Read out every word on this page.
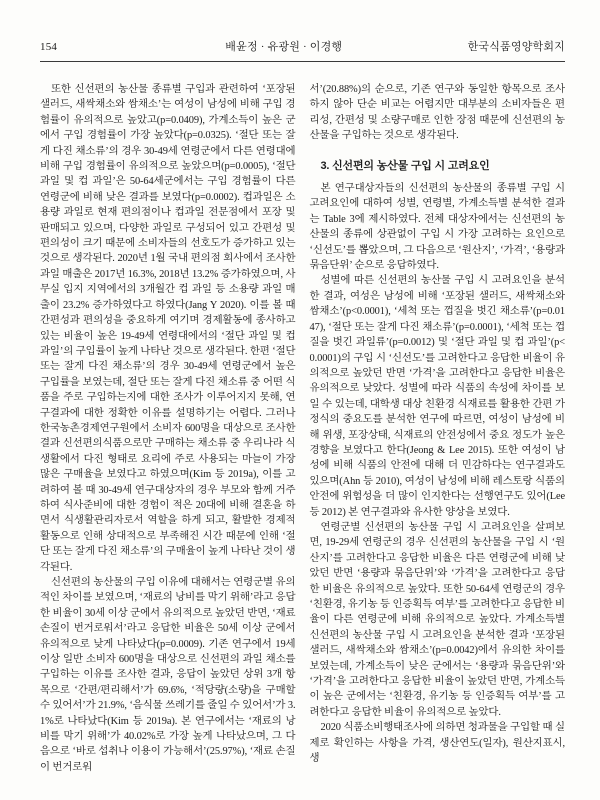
154	배윤정 · 유광원 · 이경행	한국식품영양학회지

또한 신선편의 농산물 종류별 구입과 관련하여 ‘포장된 샐러드, 새싹채소와 쌈채소’는 여성이 남성에 비해 구입 경험률이 유의적으로 높았고(p=0.0409), 가계소득이 높은 군에서 구입 경험률이 가장 높았다(p=0.0325). ‘절단 또는 잘게 다진 채소류’의 경우 30-49세 연령군에서 다른 연령대에 비해 구입 경험률이 유의적으로 높았으며(p=0.0005), ‘절단 과일 및 컵 과일’은 50-64세군에서는 구입 경험률이 다른 연령군에 비해 낮은 결과를 보였다(p=0.0002). 컵과일은 소용량 과일로 현재 편의점이나 컵과일 전문점에서 포장 및 판매되고 있으며, 다양한 과일로 구성되어 있고 간편성 및 편의성이 크기 때문에 소비자들의 선호도가 증가하고 있는 것으로 생각된다. 2020년 1월 국내 편의점 회사에서 조사한 과일 매출은 2017년 16.3%, 2018년 13.2% 증가하였으며, 사무실 입지 지역에서의 3개월간 컵 과일 등 소용량 과일 매출이 23.2% 증가하였다고 하였다(Jang Y 2020). 이를 볼 때 간편성과 편의성을 중요하게 여기며 경제활동에 종사하고 있는 비율이 높은 19-49세 연령대에서의 ‘절단 과일 및 컵 과일’의 구입률이 높게 나타난 것으로 생각된다. 한편 ‘절단 또는 잘게 다진 채소류’의 경우 30-49세 연령군에서 높은 구입률을 보였는데, 절단 또는 잘게 다진 채소류 중 어떤 식품을 주로 구입하는지에 대한 조사가 이루어지지 못해, 연구결과에 대한 정확한 이유를 설명하기는 어렵다. 그러나 한국농촌경제연구원에서 소비자 600명을 대상으로 조사한 결과 신선편의식품으로만 구매하는 채소류 중 우리나라 식생활에서 다진 형태로 요리에 주로 사용되는 마늘이 가장 많은 구매율을 보였다고 하였으며(Kim 등 2019a), 이를 고려하여 볼 때 30-49세 연구대상자의 경우 부모와 함께 거주하여 식사준비에 대한 경험이 적은 20대에 비해 결혼을 하면서 식생활관리자로서 역할을 하게 되고, 활발한 경제적 활동으로 인해 상대적으로 부족해진 시간 때문에 인해 ‘절단 또는 잘게 다진 채소류’의 구매율이 높게 나타난 것이 생각된다.

신선편의 농산물의 구입 이유에 대해서는 연령군별 유의적인 차이를 보였으며, ‘재료의 낭비를 막기 위해’라고 응답한 비율이 30세 이상 군에서 유의적으로 높았던 반면, ‘재료 손질이 번거로워서’라고 응답한 비율은 50세 이상 군에서 유의적으로 낮게 나타났다(p=0.0009). 기존 연구에서 19세 이상 일반 소비자 600명을 대상으로 신선편의 과일 채소를 구입하는 이유를 조사한 결과, 응답이 높았던 상위 3개 항목으로 ‘간편/편리해서’가 69.6%, ‘적당량(소량)을 구매할 수 있어서’가 21.9%, ‘음식물 쓰레기를 줄일 수 있어서’가 3.1%로 나타났다(Kim 등 2019a). 본 연구에서는 ‘재료의 낭비를 막기 위해’가 40.02%로 가장 높게 나타났으며, 그 다음으로 ‘바로 섭취나 이용이 가능해서’(25.97%), ‘재료 손질이 번거로워

서’(20.88%)의 순으로, 기존 연구와 동일한 항목으로 조사하지 않아 단순 비교는 어렵지만 대부분의 소비자들은 편리성, 간편성 및 소량구매로 인한 장점 때문에 신선편의 농산물을 구입하는 것으로 생각된다.

3. 신선편의 농산물 구입 시 고려요인

본 연구대상자들의 신선편의 농산물의 종류별 구입 시 고려요인에 대하여 성별, 연령별, 가계소득별 분석한 결과는 Table 3에 제시하였다. 전체 대상자에서는 신선편의 농산물의 종류에 상관없이 구입 시 가장 고려하는 요인으로 ‘신선도’를 뽑았으며, 그 다음으로 ‘원산지’, ‘가격’, ‘용량과 묶음단위’ 순으로 응답하였다.

성별에 따른 신선편의 농산물 구입 시 고려요인을 분석한 결과, 여성은 남성에 비해 ‘포장된 샐러드, 새싹채소와 쌈채소’(p<0.0001), ‘세척 또는 껍질을 벗긴 채소류’(p=0.0147), ‘절단 또는 잘게 다진 채소류’(p=0.0001), ‘세척 또는 껍질을 벗긴 과일류’(p=0.0012) 및 ‘절단 과일 및 컵 과일’(p<0.0001)의 구입 시 ‘신선도’를 고려한다고 응답한 비율이 유의적으로 높았던 반면 ‘가격’을 고려한다고 응답한 비율은 유의적으로 낮았다. 성별에 따라 식품의 속성에 차이를 보일 수 있는데, 대학생 대상 친환경 식재료를 활용한 간편 가정식의 중요도를 분석한 연구에 따르면, 여성이 남성에 비해 위생, 포장상태, 식재료의 안전성에서 중요 정도가 높은 경향을 보였다고 한다(Jeong & Lee 2015). 또한 여성이 남성에 비해 식품의 안전에 대해 더 민감하다는 연구결과도 있으며(Ahn 등 2010), 여성이 남성에 비해 레스토랑 식품의 안전에 위험성을 더 많이 인지한다는 선행연구도 있어(Lee 등 2012) 본 연구결과와 유사한 양상을 보였다.

연령군별 신선편의 농산물 구입 시 고려요인을 살펴보면, 19-29세 연령군의 경우 신선편의 농산물을 구입 시 ‘원산지’를 고려한다고 응답한 비율은 다른 연령군에 비해 낮았던 반면 ‘용량과 묶음단위’와 ‘가격’을 고려한다고 응답한 비율은 유의적으로 높았다. 또한 50-64세 연령군의 경우 ‘친환경, 유기농 등 인증획득 여부’를 고려한다고 응답한 비율이 다른 연령군에 비해 유의적으로 높았다. 가계소득별 신선편의 농산물 구입 시 고려요인을 분석한 결과 ‘포장된 샐러드, 새싹채소와 쌈채소’(p=0.0042)에서 유의한 차이를 보였는데, 가계소득이 낮은 군에서는 ‘용량과 묶음단위’와 ‘가격’을 고려한다고 응답한 비율이 높았던 반면, 가계소득이 높은 군에서는 ‘친환경, 유기농 등 인증획득 여부’를 고려한다고 응답한 비율이 유의적으로 높았다.

2020 식품소비행태조사에 의하면 청과물을 구입할 때 실제로 확인하는 사항을 가격, 생산연도(일자), 원산지표시, 생
